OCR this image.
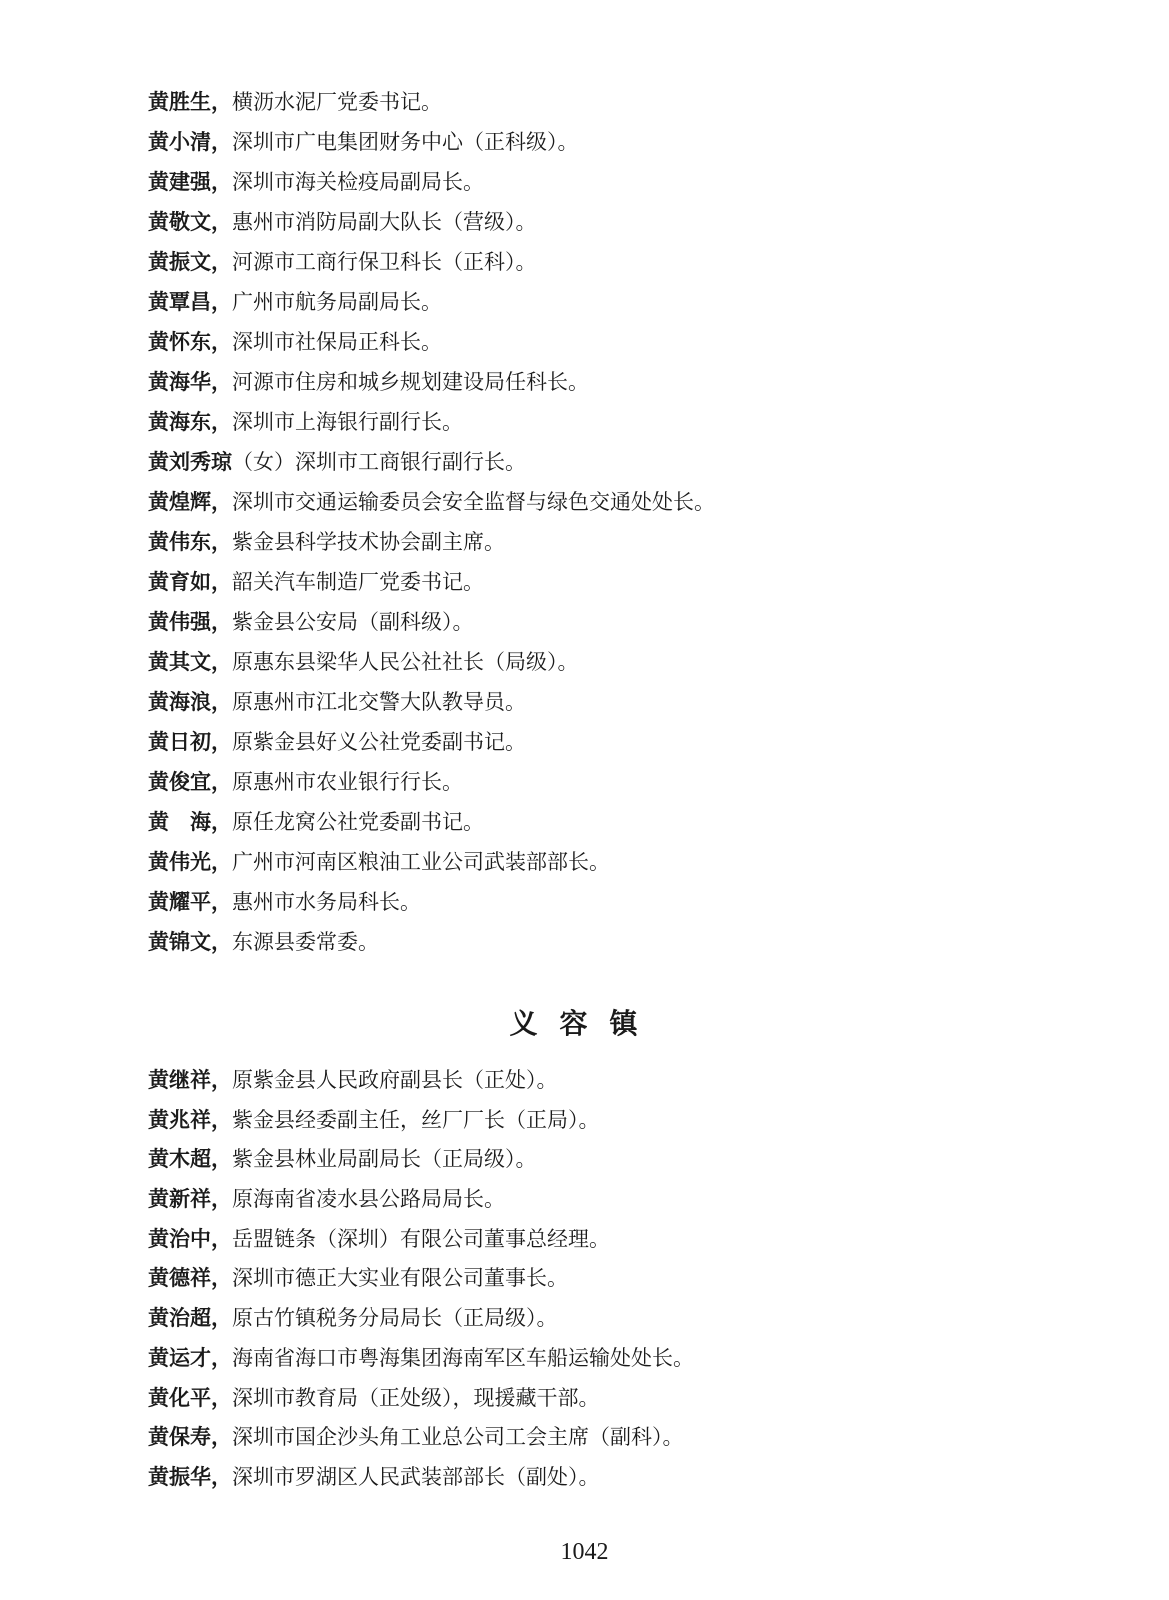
黄胜生，横沥水泥厂党委书记。
黄小清，深圳市广电集团财务中心（正科级）。
黄建强，深圳市海关检疫局副局长。
黄敬文，惠州市消防局副大队长（营级）。
黄振文，河源市工商行保卫科长（正科）。
黄覃昌，广州市航务局副局长。
黄怀东，深圳市社保局正科长。
黄海华，河源市住房和城乡规划建设局任科长。
黄海东，深圳市上海银行副行长。
黄刘秀琼（女）深圳市工商银行副行长。
黄煌辉，深圳市交通运输委员会安全监督与绿色交通处处长。
黄伟东，紫金县科学技术协会副主席。
黄育如，韶关汽车制造厂党委书记。
黄伟强，紫金县公安局（副科级）。
黄其文，原惠东县梁华人民公社社长（局级）。
黄海浪，原惠州市江北交警大队教导员。
黄日初，原紫金县好义公社党委副书记。
黄俊宜，原惠州市农业银行行长。
黄　海，原任龙窝公社党委副书记。
黄伟光，广州市河南区粮油工业公司武装部部长。
黄耀平，惠州市水务局科长。
黄锦文，东源县委常委。
义容镇
黄继祥，原紫金县人民政府副县长（正处）。
黄兆祥，紫金县经委副主任，丝厂厂长（正局）。
黄木超，紫金县林业局副局长（正局级）。
黄新祥，原海南省凌水县公路局局长。
黄治中，岳盟链条（深圳）有限公司董事总经理。
黄德祥，深圳市德正大实业有限公司董事长。
黄治超，原古竹镇税务分局局长（正局级）。
黄运才，海南省海口市粤海集团海南军区车船运输处处长。
黄化平，深圳市教育局（正处级），现援藏干部。
黄保寿，深圳市国企沙头角工业总公司工会主席（副科）。
黄振华，深圳市罗湖区人民武装部部长（副处）。
1042
